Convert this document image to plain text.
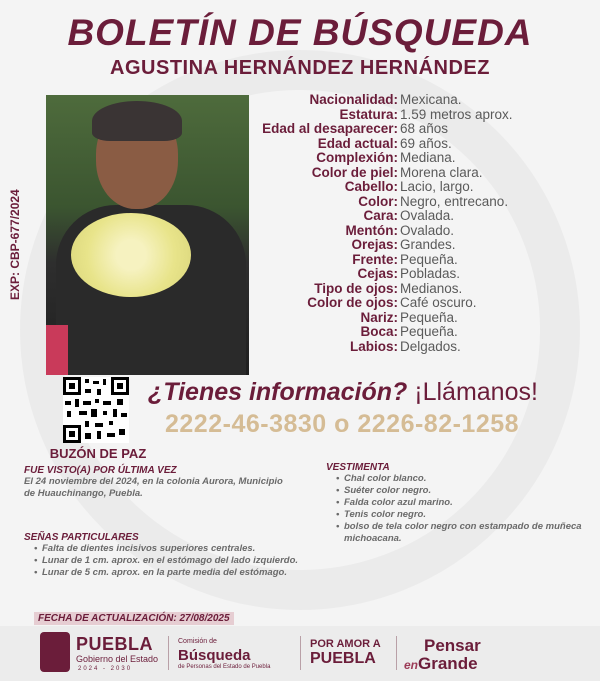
BOLETÍN DE BÚSQUEDA
AGUSTINA HERNÁNDEZ HERNÁNDEZ
EXP: CBP-677/2024
Nacionalidad: Mexicana.
Estatura: 1.59 metros aprox.
Edad al desaparecer: 68 años
Edad actual: 69 años.
Complexión: Mediana.
Color de piel: Morena clara.
Cabello: Lacio, largo.
Color: Negro, entrecano.
Cara: Ovalada.
Mentón: Ovalado.
Orejas: Grandes.
Frente: Pequeña.
Cejas: Pobladas.
Tipo de ojos: Medianos.
Color de ojos: Café oscuro.
Nariz: Pequeña.
Boca: Pequeña.
Labios: Delgados.
BUZÓN DE PAZ
¿Tienes información? ¡Llámanos!
2222-46-3830 o 2226-82-1258
FUE VISTO(A) POR ÚLTIMA VEZ
El 24 noviembre del 2024, en la colonia Aurora, Municipio de Huauchinango, Puebla.
VESTIMENTA
• Chal color blanco.
• Suéter color negro.
• Falda color azul marino.
• Tenis color negro.
• bolso de tela color negro con estampado de muñeca michoacana.
SEÑAS PARTICULARES
• Falta de dientes incisivos superiores centrales.
• Lunar de 1 cm. aprox. en el estómago del lado izquierdo.
• Lunar de 5 cm. aprox. en la parte media del estómago.
FECHA DE ACTUALIZACIÓN: 27/08/2025
PUEBLA
Gobierno del Estado
2024 - 2030
Comisión de
Búsqueda
de Personas del Estado de Puebla
POR AMOR A
PUEBLA
Pensar
enGrande
